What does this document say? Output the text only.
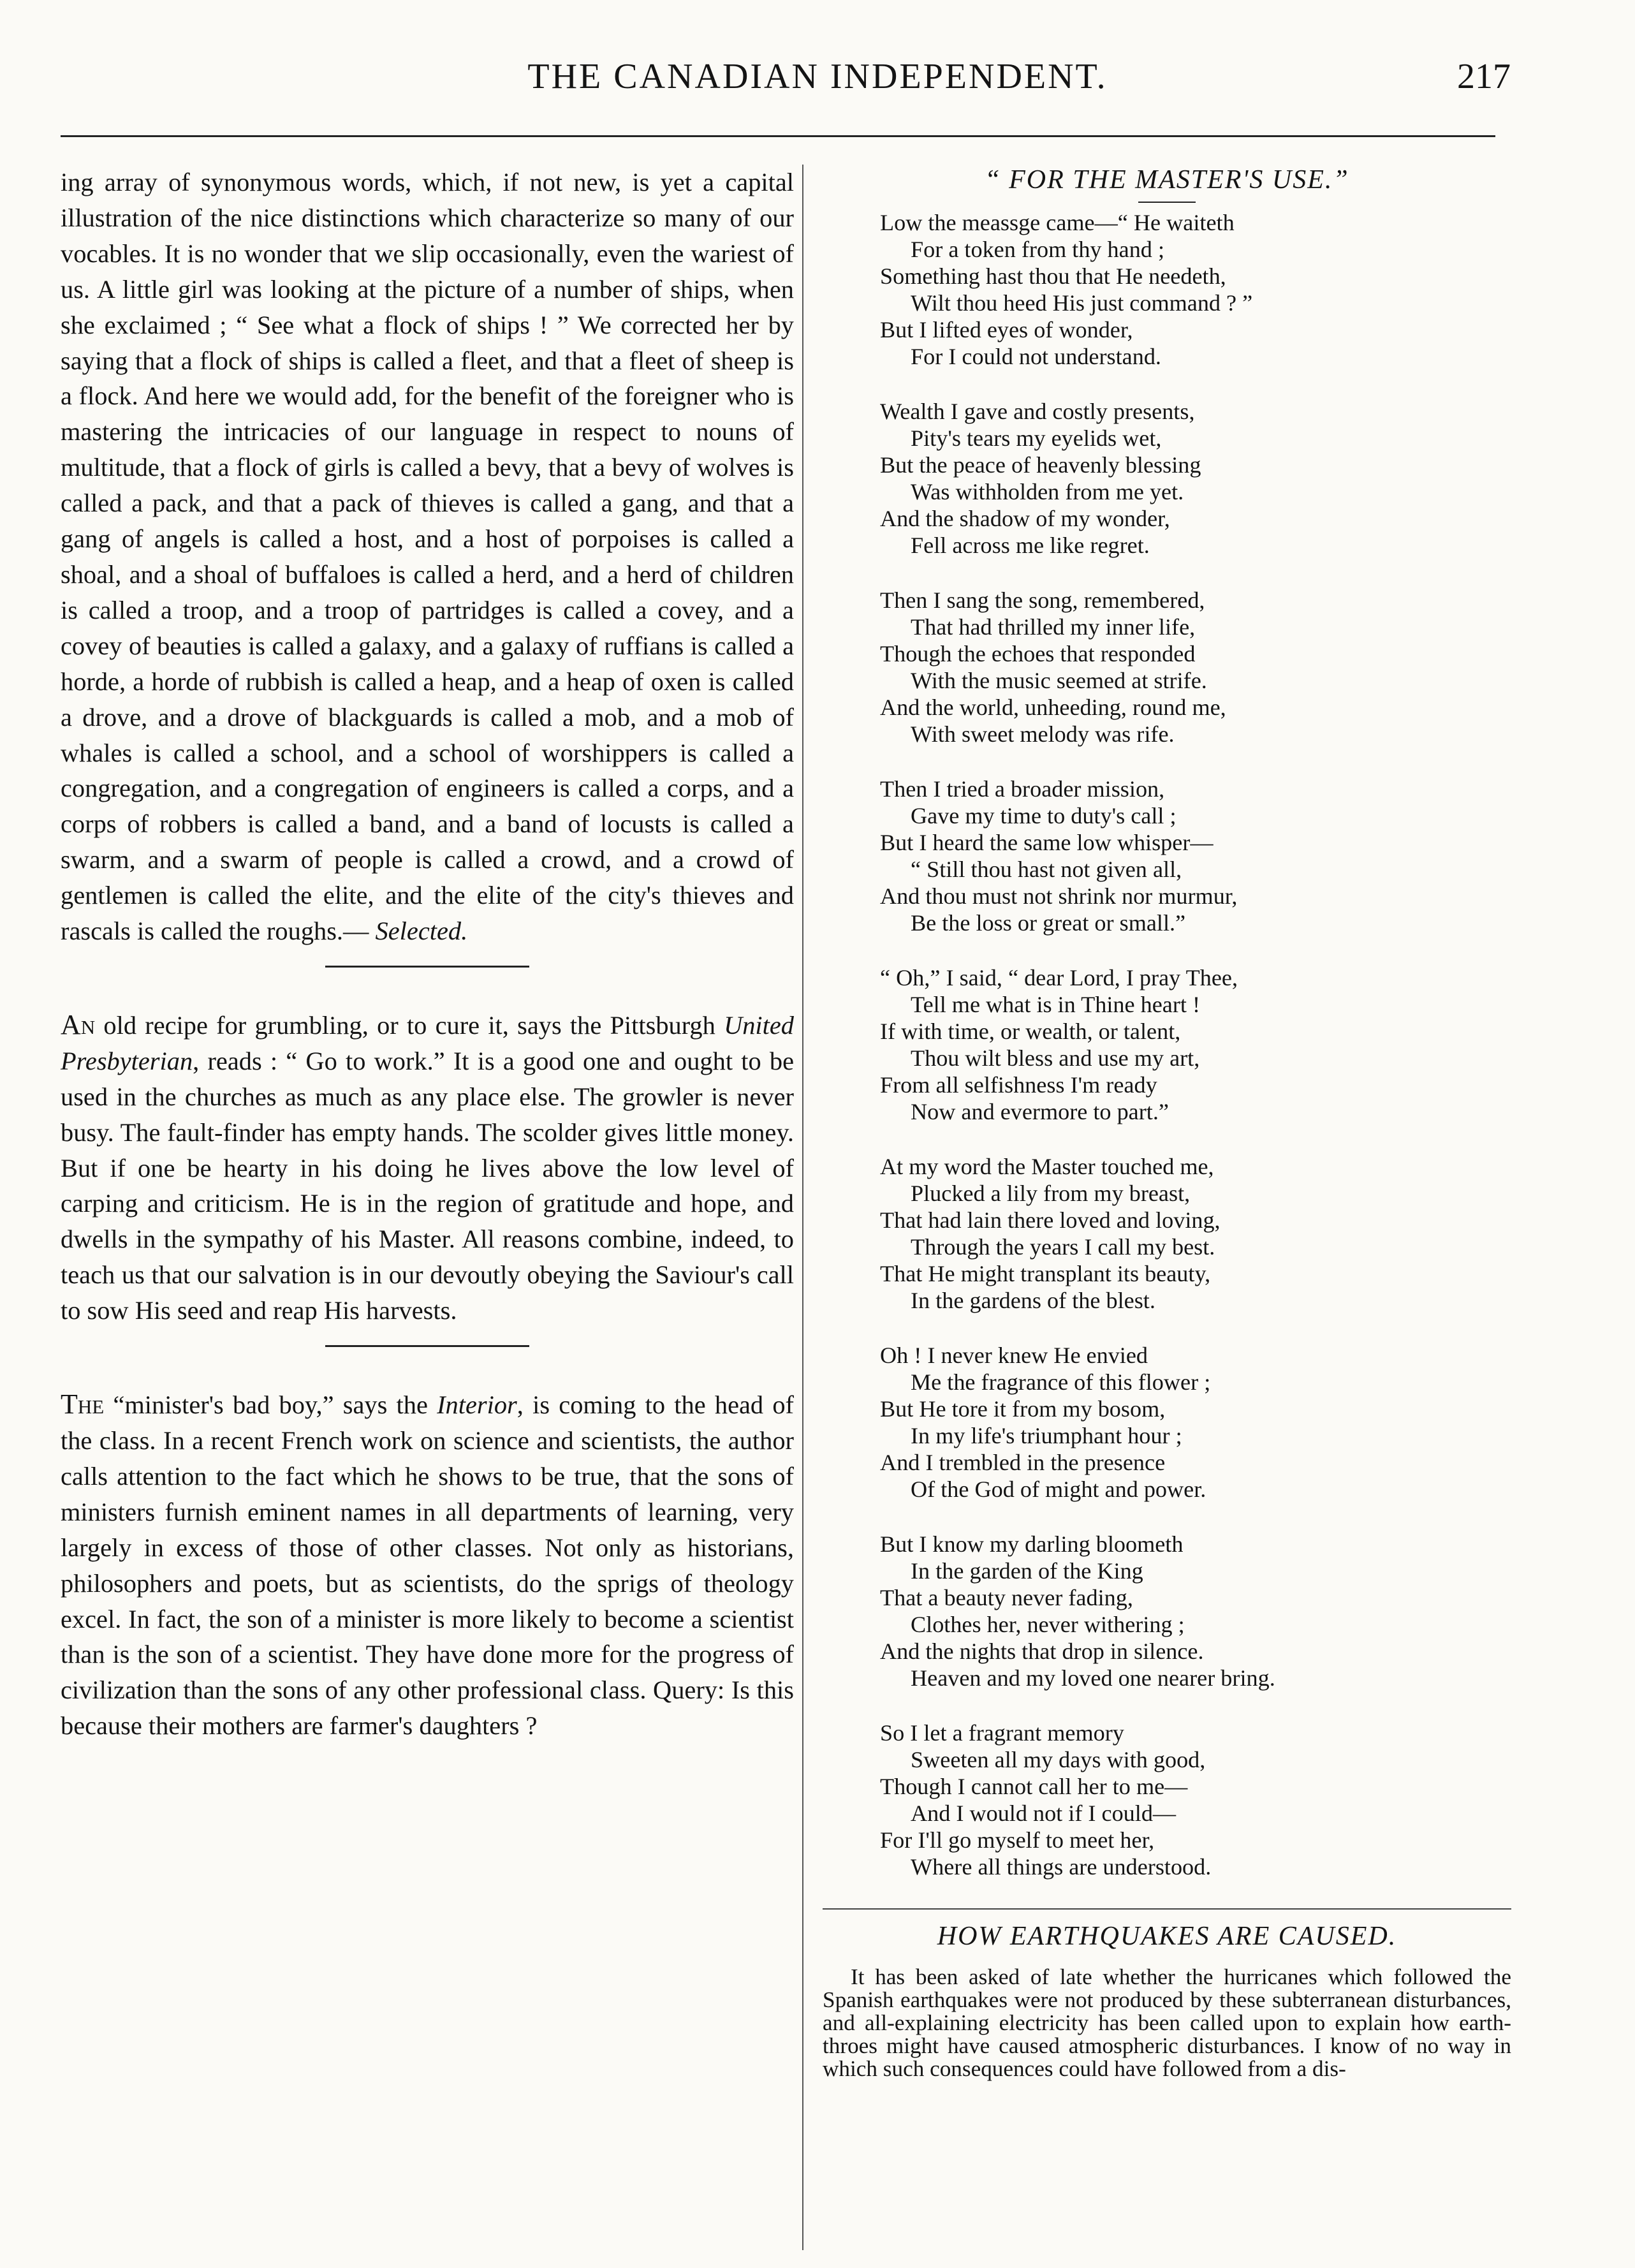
THE CANADIAN INDEPENDENT.	217

ing array of synonymous words, which, if not new, is yet a capital illustration of the nice distinctions which characterize so many of our vocables. It is no wonder that we slip occasionally, even the wariest of us. A little girl was looking at the picture of a number of ships, when she exclaimed ; “ See what a flock of ships ! ” We corrected her by saying that a flock of ships is called a fleet, and that a fleet of sheep is a flock. And here we would add, for the benefit of the foreigner who is mastering the intricacies of our language in respect to nouns of multitude, that a flock of girls is called a bevy, that a bevy of wolves is called a pack, and that a pack of thieves is called a gang, and that a gang of angels is called a host, and a host of porpoises is called a shoal, and a shoal of buffaloes is called a herd, and a herd of children is called a troop, and a troop of partridges is called a covey, and a covey of beauties is called a galaxy, and a galaxy of ruffians is called a horde, a horde of rubbish is called a heap, and a heap of oxen is called a drove, and a drove of blackguards is called a mob, and a mob of whales is called a school, and a school of worshippers is called a congregation, and a congregation of engineers is called a corps, and a corps of robbers is called a band, and a band of locusts is called a swarm, and a swarm of people is called a crowd, and a crowd of gentlemen is called the elite, and the elite of the city's thieves and rascals is called the roughs.— Selected.

An old recipe for grumbling, or to cure it, says the Pittsburgh United Presbyterian, reads : “ Go to work.” It is a good one and ought to be used in the churches as much as any place else. The growler is never busy. The fault-finder has empty hands. The scolder gives little money. But if one be hearty in his doing he lives above the low level of carping and criticism. He is in the region of gratitude and hope, and dwells in the sympathy of his Master. All reasons combine, indeed, to teach us that our salvation is in our devoutly obeying the Saviour's call to sow His seed and reap His harvests.

The “minister's bad boy,” says the Interior, is coming to the head of the class. In a recent French work on science and scientists, the author calls attention to the fact which he shows to be true, that the sons of ministers furnish eminent names in all departments of learning, very largely in excess of those of other classes. Not only as historians, philosophers and poets, but as scientists, do the sprigs of theology excel. In fact, the son of a minister is more likely to become a scientist than is the son of a scientist. They have done more for the progress of civilization than the sons of any other professional class. Query: Is this because their mothers are farmer's daughters ?

“ FOR THE MASTER'S USE.”
Low the meassge came—“ He waiteth
For a token from thy hand ;
Something hast thou that He needeth,
Wilt thou heed His just command ? ”
But I lifted eyes of wonder,
For I could not understand.
Wealth I gave and costly presents,
Pity's tears my eyelids wet,
But the peace of heavenly blessing
Was withholden from me yet.
And the shadow of my wonder,
Fell across me like regret.
Then I sang the song, remembered,
That had thrilled my inner life,
Though the echoes that responded
With the music seemed at strife.
And the world, unheeding, round me,
With sweet melody was rife.
Then I tried a broader mission,
Gave my time to duty's call ;
But I heard the same low whisper—
“ Still thou hast not given all,
And thou must not shrink nor murmur,
Be the loss or great or small.”
“ Oh,” I said, “ dear Lord, I pray Thee,
Tell me what is in Thine heart !
If with time, or wealth, or talent,
Thou wilt bless and use my art,
From all selfishness I'm ready
Now and evermore to part.”
At my word the Master touched me,
Plucked a lily from my breast,
That had lain there loved and loving,
Through the years I call my best.
That He might transplant its beauty,
In the gardens of the blest.
Oh ! I never knew He envied
Me the fragrance of this flower ;
But He tore it from my bosom,
In my life's triumphant hour ;
And I trembled in the presence
Of the God of might and power.
But I know my darling bloometh
In the garden of the King
That a beauty never fading,
Clothes her, never withering ;
And the nights that drop in silence.
Heaven and my loved one nearer bring.
So I let a fragrant memory
Sweeten all my days with good,
Though I cannot call her to me—
And I would not if I could—
For I'll go myself to meet her,
Where all things are understood.
HOW EARTHQUAKES ARE CAUSED.

It has been asked of late whether the hurricanes which followed the Spanish earthquakes were not produced by these subterranean disturbances, and all-explaining electricity has been called upon to explain how earth-throes might have caused atmospheric disturbances. I know of no way in which such consequences could have followed from a dis-
